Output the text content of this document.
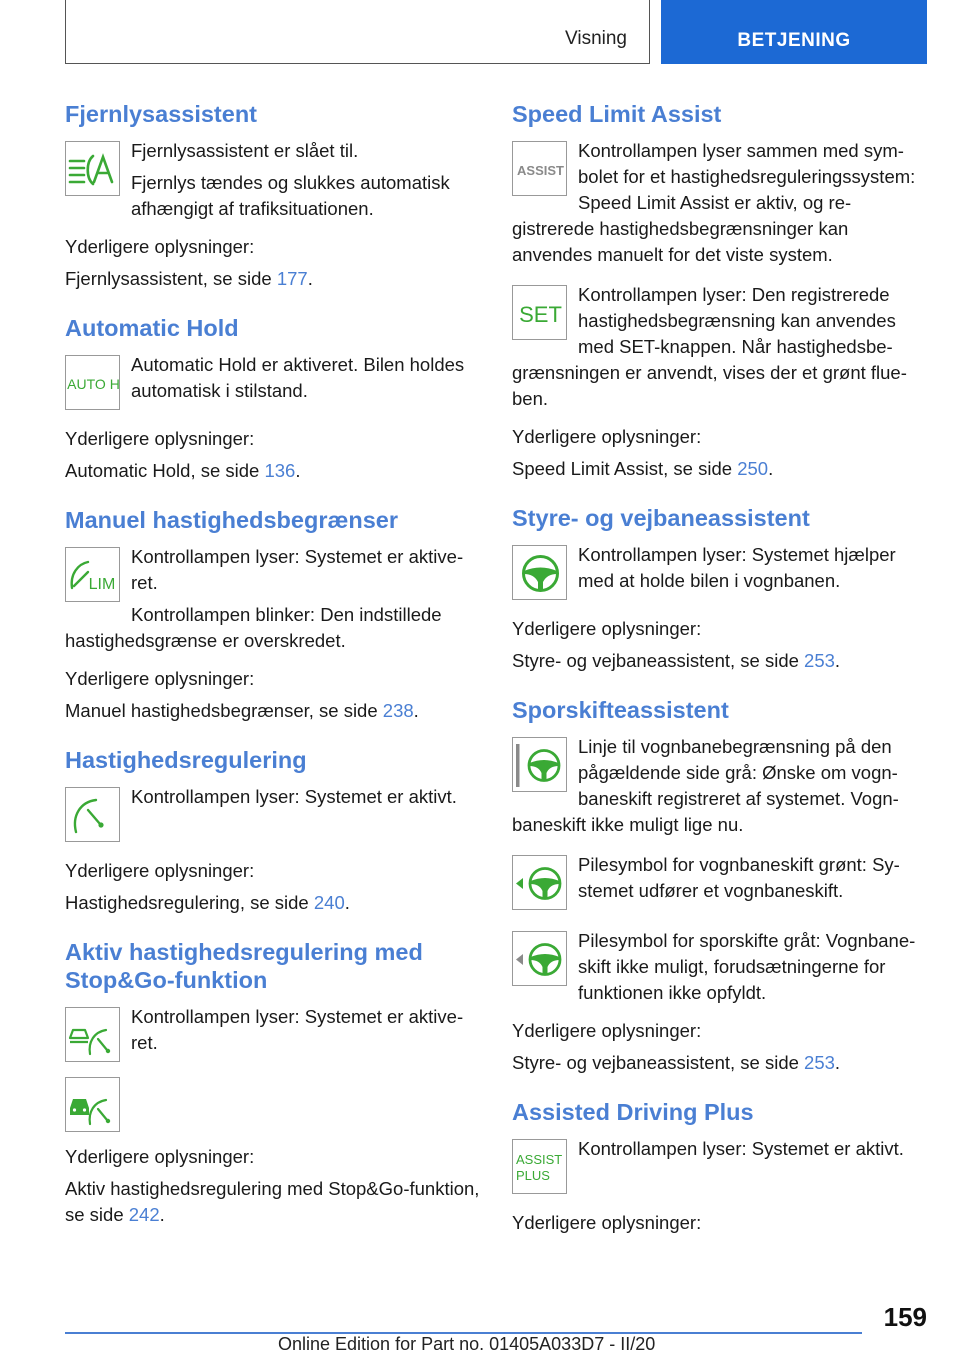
Visning	BETJENING
Fjernlysassistent

Fjernlysassistent er slået til.

Fjernlys tændes og slukkes automatisk afhængigt af trafiksituationen.

Yderligere oplysninger:

Fjernlysassistent, se side 177.

Automatic Hold
AUTO H

Automatic Hold er aktiveret. Bilen holdes automatisk i stilstand.

Yderligere oplysninger:

Automatic Hold, se side 136.

Manuel hastighedsbegrænser
LIM

Kontrollampen lyser: Systemet er aktiveret.

Kontrollampen blinker: Den indstillede hastighedsgrænse er overskredet.

Yderligere oplysninger:

Manuel hastighedsbegrænser, se side 238.

Hastighedsregulering

Kontrollampen lyser: Systemet er aktivt.

Yderligere oplysninger:

Hastighedsregulering, se side 240.

Aktiv hastighedsregulering med Stop&Go-funktion

Kontrollampen lyser: Systemet er aktiveret.

Yderligere oplysninger:

Aktiv hastighedsregulering med Stop&Go-funktion, se side 242.

Speed Limit Assist
ASSIST

Kontrollampen lyser sammen med symbolet for et hastighedsreguleringssystem: Speed Limit Assist er aktiv, og registrerede hastighedsbegrænsninger kan anvendes manuelt for det viste system.

SET

Kontrollampen lyser: Den registrerede hastighedsbegrænsning kan anvendes med SET-knappen. Når hastighedsbegrænsningen er anvendt, vises der et grønt flueben.

Yderligere oplysninger:

Speed Limit Assist, se side 250.

Styre- og vejbaneassistent

Kontrollampen lyser: Systemet hjælper med at holde bilen i vognbanen.

Yderligere oplysninger:

Styre- og vejbaneassistent, se side 253.

Sporskifteassistent

Linje til vognbanebegrænsning på den pågældende side grå: Ønske om vognbaneskift registreret af systemet. Vognbaneskift ikke muligt lige nu.

Pilesymbol for vognbaneskift grønt: Systemet udfører et vognbaneskift.

Pilesymbol for sporskifte gråt: Vognbaneskift ikke muligt, forudsætningerne for funktionen ikke opfyldt.

Yderligere oplysninger:

Styre- og vejbaneassistent, se side 253.

Assisted Driving Plus
ASSIST
PLUS

Kontrollampen lyser: Systemet er aktivt.

Yderligere oplysninger:

159
Online Edition for Part no. 01405A033D7 - II/20
